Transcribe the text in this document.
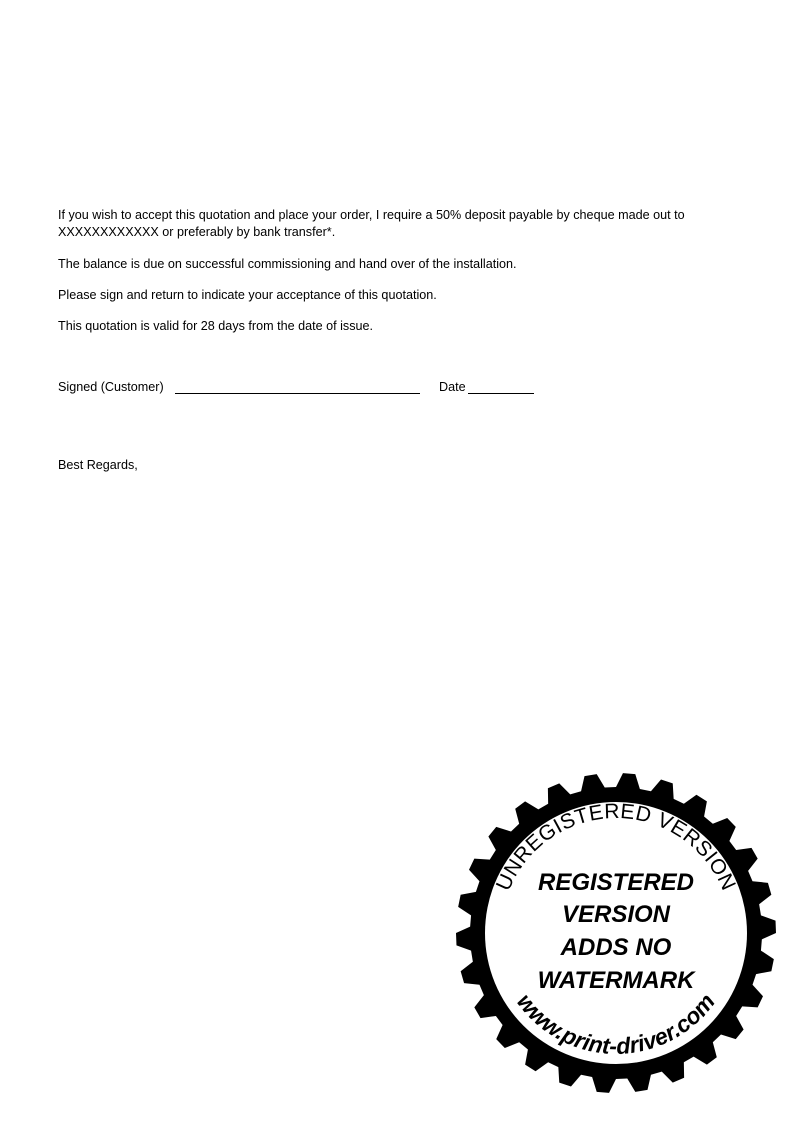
If you wish to accept this quotation and place your order, I require a 50% deposit payable by cheque made out to XXXXXXXXXXXX or preferably by bank transfer*.

The balance is due on successful commissioning and hand over of the installation.

Please sign and return to indicate your acceptance of this quotation.

This quotation is valid for 28 days from the date of issue.

Signed (Customer)	Date

Best Regards,

UNREGISTERED VERSION
www.print-driver.com
REGISTERED
VERSION
ADDS NO
WATERMARK
